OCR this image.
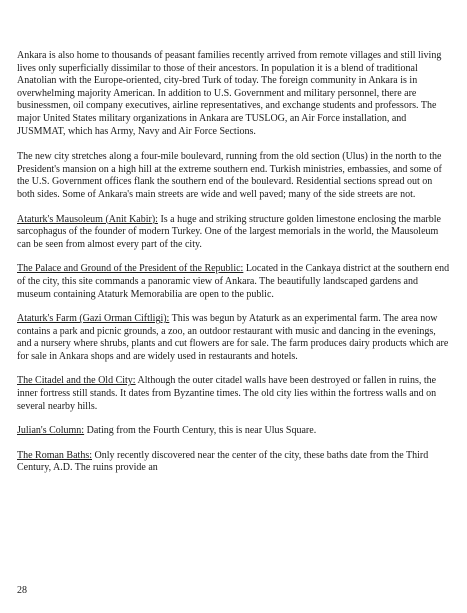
Ankara is also home to thousands of peasant families recently arrived from remote villages and still living lives only superficially dissimilar to those of their ancestors. In population it is a blend of traditional Anatolian with the Europe-oriented, city-bred Turk of today. The foreign community in Ankara is in overwhelming majority American. In addition to U.S. Government and military personnel, there are businessmen, oil company executives, airline representatives, and exchange students and professors. The major United States military organizations in Ankara are TUSLOG, an Air Force installation, and JUSMMAT, which has Army, Navy and Air Force Sections.

The new city stretches along a four-mile boulevard, running from the old section (Ulus) in the north to the President's mansion on a high hill at the extreme southern end. Turkish ministries, embassies, and some of the U.S. Government offices flank the southern end of the boulevard. Residential sections spread out on both sides. Some of Ankara's main streets are wide and well paved; many of the side streets are not.

Ataturk's Mausoleum (Anit Kabir): Is a huge and striking structure golden limestone enclosing the marble sarcophagus of the founder of modern Turkey. One of the largest memorials in the world, the Mausoleum can be seen from almost every part of the city.

The Palace and Ground of the President of the Republic: Located in the Cankaya district at the southern end of the city, this site commands a panoramic view of Ankara. The beautifully landscaped gardens and museum containing Ataturk Memorabilia are open to the public.

Ataturk's Farm (Gazi Orman Ciftligi): This was begun by Ataturk as an experimental farm. The area now contains a park and picnic grounds, a zoo, an outdoor restaurant with music and dancing in the evenings, and a nursery where shrubs, plants and cut flowers are for sale. The farm produces dairy products which are for sale in Ankara shops and are widely used in restaurants and hotels.

The Citadel and the Old City: Although the outer citadel walls have been destroyed or fallen in ruins, the inner fortress still stands. It dates from Byzantine times. The old city lies within the fortress walls and on several nearby hills.

Julian's Column: Dating from the Fourth Century, this is near Ulus Square.

The Roman Baths: Only recently discovered near the center of the city, these baths date from the Third Century, A.D. The ruins provide an

28
